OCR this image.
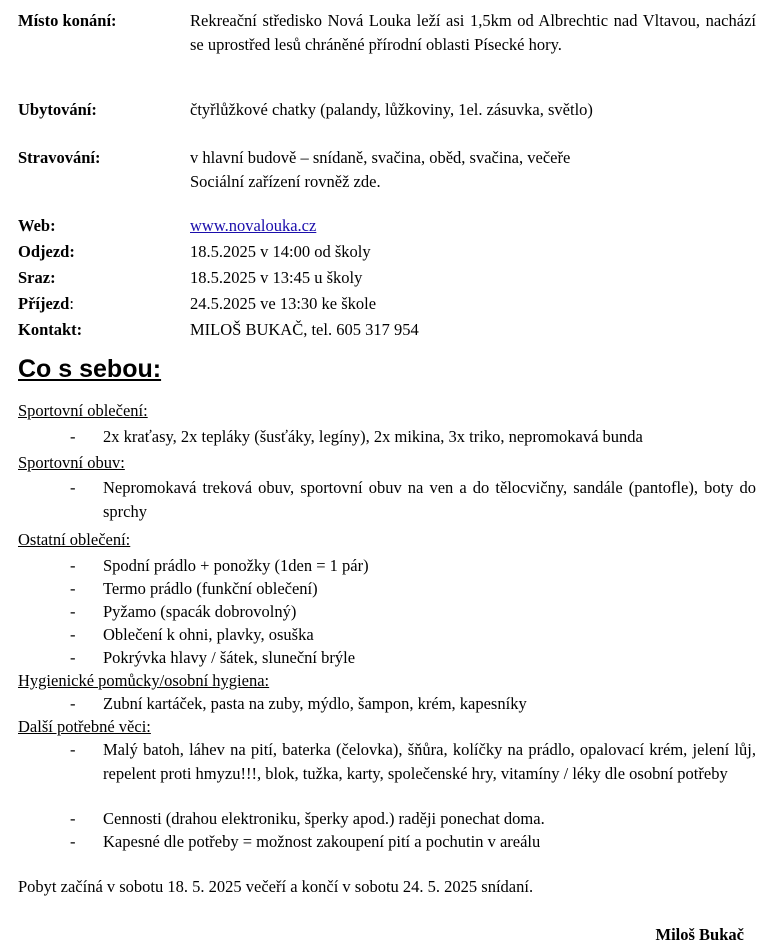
Místo konání:	Rekreační středisko Nová Louka leží asi 1,5km od Albrechtic nad Vltavou, nachází se uprostřed lesů chráněné přírodní oblasti Písecké hory.
Ubytování:	čtyřlůžkové chatky (palandy, lůžkoviny, 1el. zásuvka, světlo)
Stravování:	v hlavní budově – snídaně, svačina, oběd, svačina, večeře
Sociální zařízení rovněž zde.
Web:	www.novalouka.cz
Odjezd:	18.5.2025 v 14:00 od školy
Sraz:	18.5.2025 v 13:45 u školy
Příjezd:	24.5.2025 ve 13:30 ke škole
Kontakt:	MILOŠ BUKAČ, tel. 605 317 954
Co s sebou:
Sportovní oblečení:
- 2x kraťasy, 2x tepláky (šusťáky, legíny), 2x mikina, 3x triko, nepromokavá bunda
Sportovní obuv:
- Nepromokavá treková obuv, sportovní obuv na ven a do tělocvičny, sandále (pantofle), boty do sprchy
Ostatní oblečení:
- Spodní prádlo + ponožky (1den = 1 pár)
- Termo prádlo (funkční oblečení)
- Pyžamo (spacák dobrovolný)
- Oblečení k ohni, plavky, osuška
- Pokrývka hlavy / šátek, sluneční brýle
Hygienické pomůcky/osobní hygiena:
- Zubní kartáček, pasta na zuby, mýdlo, šampon, krém, kapesníky
Další potřebné věci:
- Malý batoh, láhev na pití, baterka (čelovka), šňůra, kolíčky na prádlo, opalovací krém, jelení lůj, repelent proti hmyzu!!!, blok, tužka, karty, společenské hry, vitamíny / léky dle osobní potřeby
- Cennosti (drahou elektroniku, šperky apod.) raději ponechat doma.
- Kapesné dle potřeby = možnost zakoupení pití a pochutin v areálu
Pobyt začíná v sobotu 18. 5. 2025 večeří a končí v sobotu 24. 5. 2025 snídaní.
Miloš Bukač
